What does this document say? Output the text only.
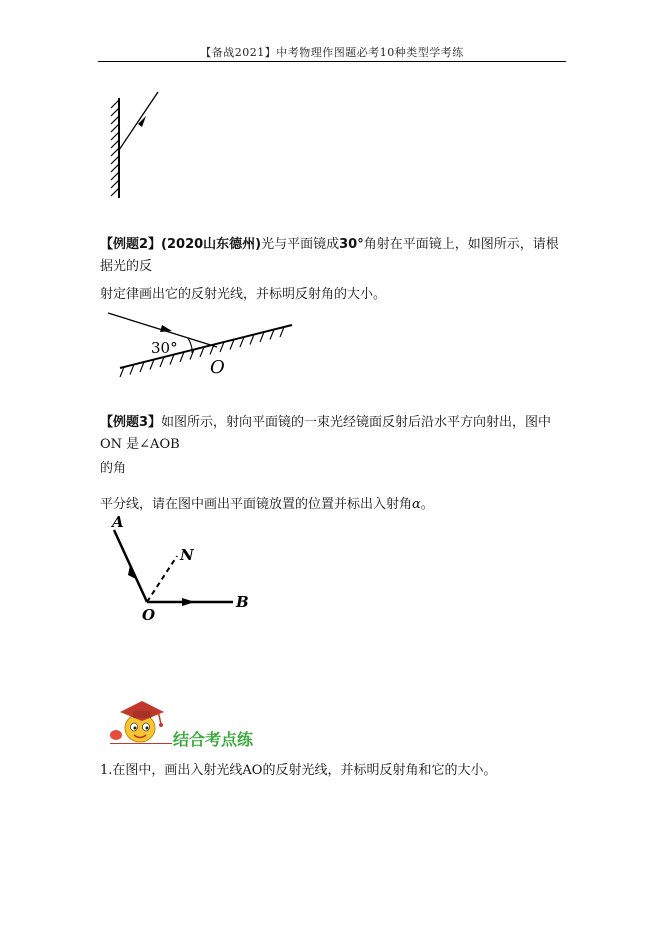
【备战2021】中考物理作图题必考10种类型学考练
【例题2】(2020山东德州)光与平面镜成30°角射在平面镜上，如图所示，请根据光的反
射定律画出它的反射光线，并标明反射角的大小。
30°
O
【例题3】如图所示，射向平面镜的一束光经镜面反射后沿水平方向射出，图中 ON 是∠AOB
的角
平分线，请在图中画出平面镜放置的位置并标出入射角α。
A
N
O
B
结合考点练
1.在图中，画出入射光线AO的反射光线，并标明反射角和它的大小。
